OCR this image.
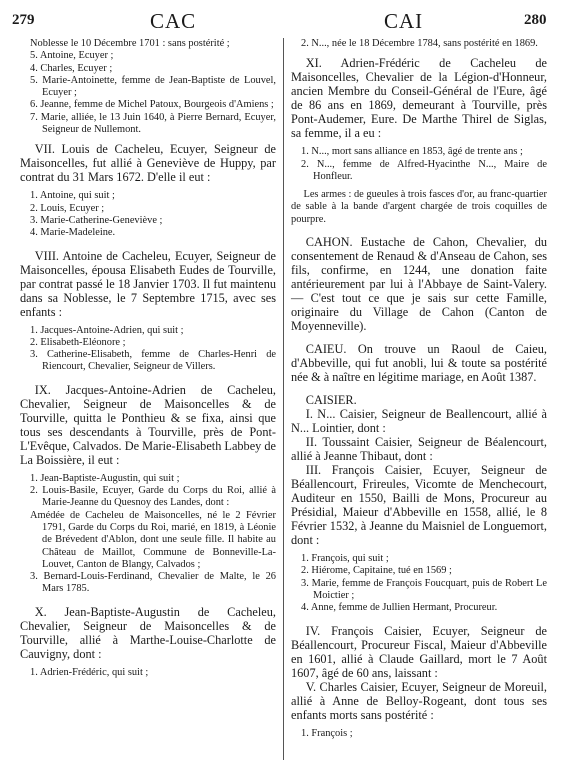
279	CAC	CAI	280

Noblesse le 10 Décembre 1701 : sans postérité ;

5. Antoine, Ecuyer ;

4. Charles, Ecuyer ;

5. Marie-Antoinette, femme de Jean-Baptiste de Louvel, Ecuyer ;

6. Jeanne, femme de Michel Patoux, Bourgeois d'Amiens ;

7. Marie, alliée, le 13 Juin 1640, à Pierre Bernard, Ecuyer, Seigneur de Nullemont.

VII. Louis de Cacheleu, Ecuyer, Seigneur de Maisoncelles, fut allié à Geneviève de Huppy, par contrat du 31 Mars 1672. D'elle il eut :

1. Antoine, qui suit ;

2. Louis, Ecuyer ;

3. Marie-Catherine-Geneviève ;

4. Marie-Madeleine.

VIII. Antoine de Cacheleu, Ecuyer, Seigneur de Maisoncelles, épousa Elisabeth Eudes de Tourville, par contrat passé le 18 Janvier 1703. Il fut maintenu dans sa Noblesse, le 7 Septembre 1715, avec ses enfants :

1. Jacques-Antoine-Adrien, qui suit ;

2. Elisabeth-Eléonore ;

3. Catherine-Elisabeth, femme de Charles-Henri de Riencourt, Chevalier, Seigneur de Villers.

IX. Jacques-Antoine-Adrien de Cacheleu, Chevalier, Seigneur de Maisoncelles & de Tourville, quitta le Ponthieu & se fixa, ainsi que tous ses descendants à Tourville, près de Pont-L'Evêque, Calvados. De Marie-Elisabeth Labbey de La Boissière, il eut :

1. Jean-Baptiste-Augustin, qui suit ;

2. Louis-Basile, Ecuyer, Garde du Corps du Roi, allié à Marie-Jeanne du Quesnoy des Landes, dont :

Amédée de Cacheleu de Maisoncelles, né le 2 Février 1791, Garde du Corps du Roi, marié, en 1819, à Léonie de Brévedent d'Ablon, dont une seule fille. Il habite au Château de Maillot, Commune de Bonneville-La-Louvet, Canton de Blangy, Calvados ;

3. Bernard-Louis-Ferdinand, Chevalier de Malte, le 26 Mars 1785.

X. Jean-Baptiste-Augustin de Cacheleu, Chevalier, Seigneur de Maisoncelles & de Tourville, allié à Marthe-Louise-Charlotte de Cauvigny, dont :

1. Adrien-Frédéric, qui suit ;

2. N..., née le 18 Décembre 1784, sans postérité en 1869.

XI. Adrien-Frédéric de Cacheleu de Maisoncelles, Chevalier de la Légion-d'Honneur, ancien Membre du Conseil-Général de l'Eure, âgé de 86 ans en 1869, demeurant à Tourville, près Pont-Audemer, Eure. De Marthe Thirel de Siglas, sa femme, il a eu :

1. N..., mort sans alliance en 1853, âgé de trente ans ;

2. N..., femme de Alfred-Hyacinthe N..., Maire de Honfleur.

Les armes : de gueules à trois fasces d'or, au franc-quartier de sable à la bande d'argent chargée de trois coquilles de pourpre.

CAHON. Eustache de Cahon, Chevalier, du consentement de Renaud & d'Anseau de Cahon, ses fils, confirme, en 1244, une donation faite antérieurement par lui à l'Abbaye de Saint-Valery. — C'est tout ce que je sais sur cette Famille, originaire du Village de Cahon (Canton de Moyenneville).

CAIEU. On trouve un Raoul de Caieu, d'Abbeville, qui fut anobli, lui & toute sa postérité née & à naître en légitime mariage, en Août 1387.

CAISIER.

I. N... Caisier, Seigneur de Beallencourt, allié à N... Lointier, dont :

II. Toussaint Caisier, Seigneur de Béalencourt, allié à Jeanne Thibaut, dont :

III. François Caisier, Ecuyer, Seigneur de Béallencourt, Frireules, Vicomte de Menchecourt, Auditeur en 1550, Bailli de Mons, Procureur au Présidial, Maieur d'Abbeville en 1558, allié, le 8 Février 1532, à Jeanne du Maisniel de Longuemort, dont :

1. François, qui suit ;

2. Hiérome, Capitaine, tué en 1569 ;

3. Marie, femme de François Foucquart, puis de Robert Le Moictier ;

4. Anne, femme de Jullien Hermant, Procureur.

IV. François Caisier, Ecuyer, Seigneur de Béallencourt, Procureur Fiscal, Maieur d'Abbeville en 1601, allié à Claude Gaillard, mort le 7 Août 1607, âgé de 60 ans, laissant :

V. Charles Caisier, Ecuyer, Seigneur de Moreuil, allié à Anne de Belloy-Rogeant, dont tous ses enfants morts sans postérité :

1. François ;
